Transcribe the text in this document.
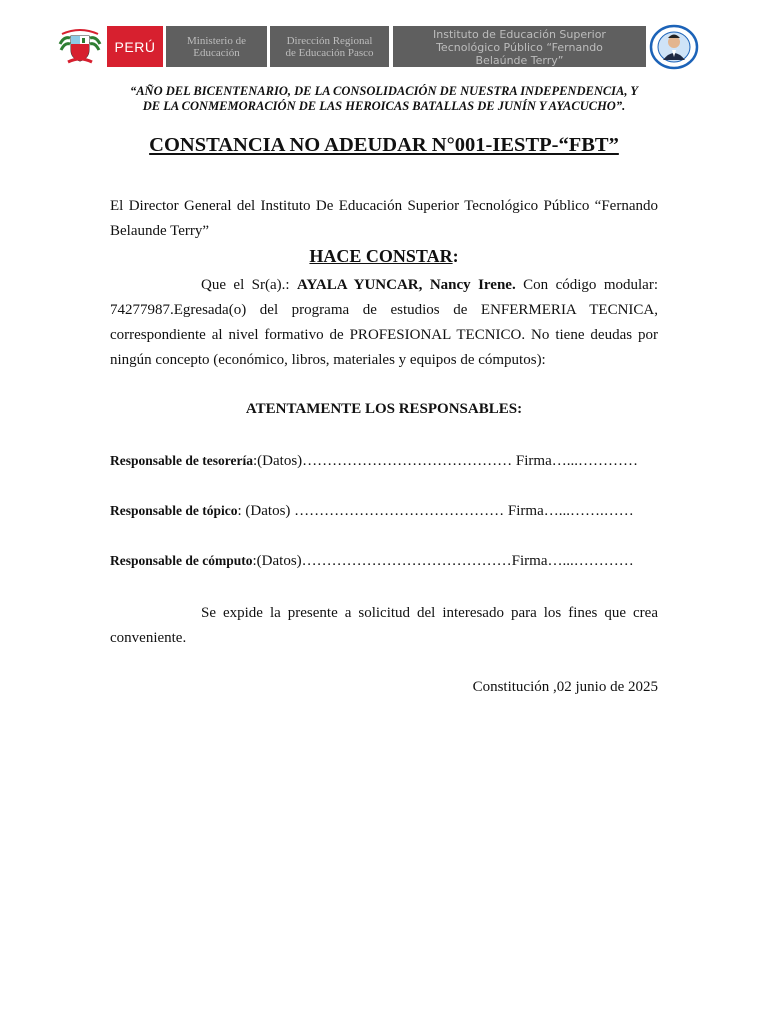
PERÚ	Ministerio de
Educación
Dirección Regional
de Educación Pasco
Instituto de Educación Superior
Tecnológico Público “Fernando
Belaúnde Terry”
“AÑO DEL BICENTENARIO, DE LA CONSOLIDACIÓN DE NUESTRA INDEPENDENCIA, Y
DE LA CONMEMORACIÓN DE LAS HEROICAS BATALLAS DE JUNÍN Y AYACUCHO”.
CONSTANCIA NO ADEUDAR N°001-IESTP-“FBT”
El Director General del Instituto De Educación Superior Tecnológico Público “Fernando Belaunde Terry”
HACE CONSTAR:
Que el Sr(a).: AYALA YUNCAR, Nancy Irene. Con código modular: 74277987.Egresada(o) del programa de estudios de ENFERMERIA TECNICA, correspondiente al nivel formativo de PROFESIONAL TECNICO. No tiene deudas por ningún concepto (económico, libros, materiales y equipos de cómputos):
ATENTAMENTE LOS RESPONSABLES:
Responsable de tesorería:(Datos)…………………………………… Firma…...…………
Responsable de tópico: (Datos) …………………………………… Firma…...…….……
Responsable de cómputo:(Datos)……………………………………Firma…...…………
Se expide la presente a solicitud del interesado para los fines que crea conveniente.
Constitución ,02 junio de 2025
